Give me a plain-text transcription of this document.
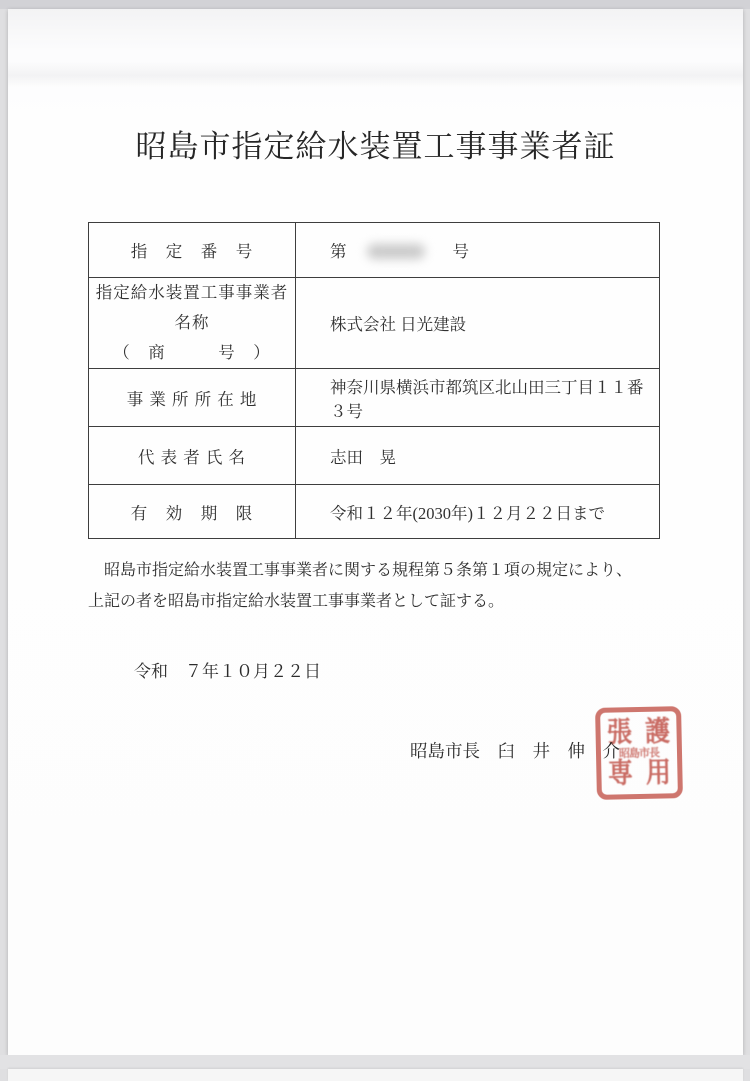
昭島市指定給水装置工事事業者証
指　定　番　号	第 号

指定給水装置工事事業者名称
（　商　　　号　）	株式会社 日光建設
事 業 所 所 在 地	神奈川県横浜市都筑区北山田三丁目１１番３号
代 表 者 氏 名	志田　晃
有　効　期　限	令和１２年(2030年)１２月２２日まで

昭島市指定給水装置工事事業者に関する規程第５条第１項の規定により、上記の者を昭島市指定給水装置工事事業者として証する。

令和　７年１０月２２日
昭島市長　臼　井　伸　介
張 護
専 用
昭島市長
